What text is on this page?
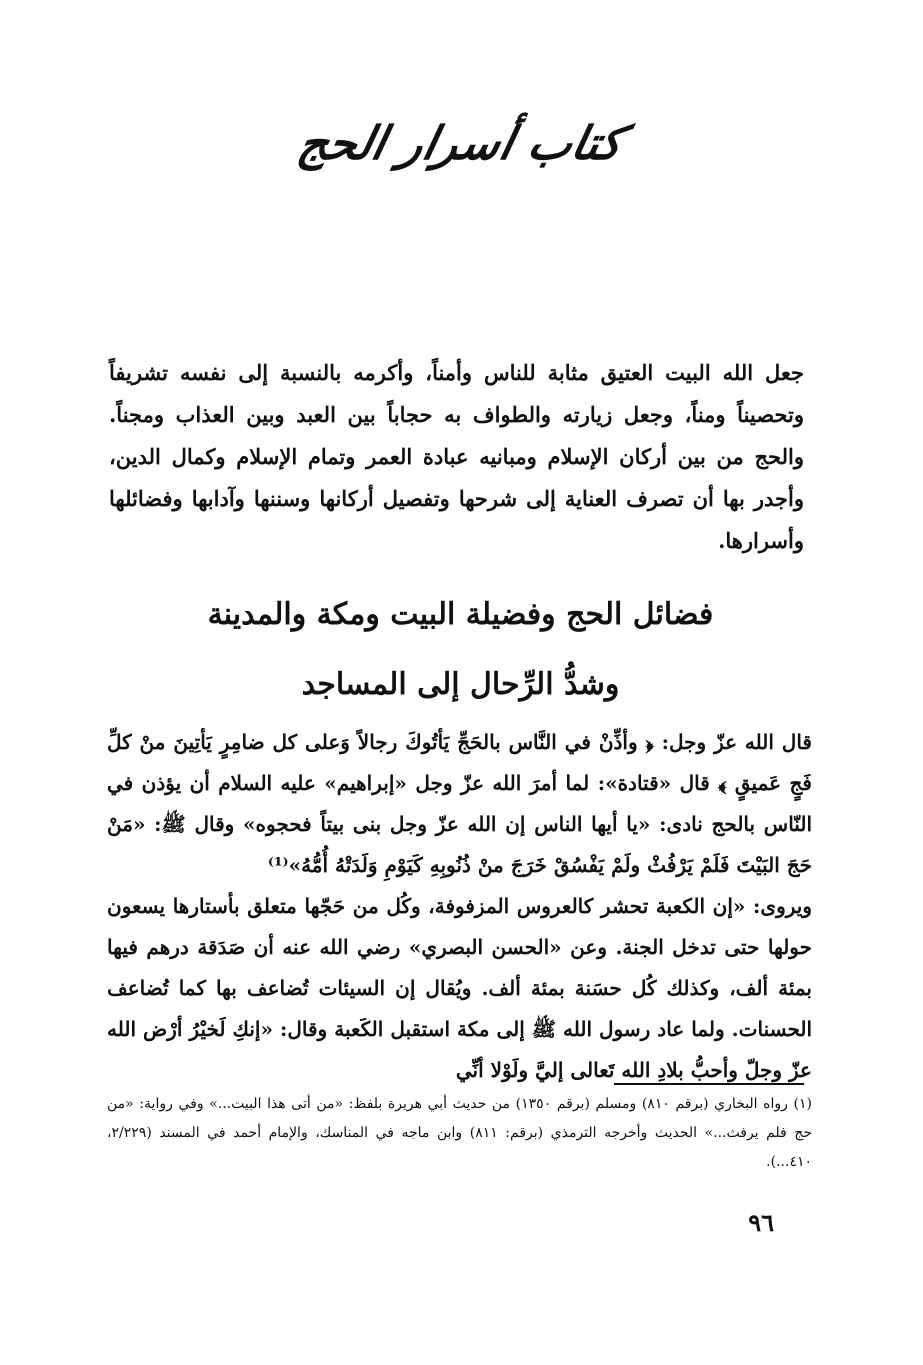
كتاب أسرار الحج

جعل الله البيت العتيق مثابة للناس وأمناً، وأكرمه بالنسبة إلى نفسه تشريفاً وتحصيناً ومناً، وجعل زيارته والطواف به حجاباً بين العبد وبين العذاب ومجناً. والحج من بين أركان الإسلام ومبانيه عبادة العمر وتمام الإسلام وكمال الدين، وأجدر بها أن تصرف العناية إلى شرحها وتفصيل أركانها وسننها وآدابها وفضائلها وأسرارها.

فضائل الحج وفضيلة البيت ومكة والمدينة
وشدُّ الرِّحال إلى المساجد

قال الله عزّ وجل: ﴿ وأذِّنْ في النَّاس بالحَجِّ يَأتُوكَ رجالاً وَعلى كل ضامِرٍ يَأتِينَ منْ كلِّ فَجٍ عَميقٍ ﴾ قال «قتادة»: لما أمرَ الله عزّ وجل «إبراهيم» عليه السلام أن يؤذن في النّاس بالحج نادى: «يا أيها الناس إن الله عزّ وجل بنى بيتاً فحجوه» وقال ﷺ: «مَنْ حَجَ البَيْتَ فَلَمْ يَرْفُثْ ولَمْ يَفْسُقْ خَرَجَ منْ ذُنُوبِهِ كَيَوْمِ وَلَدَتْهُ أُمُّهُ»⁽¹⁾

ويروى: «إن الكعبة تحشر كالعروس المزفوفة، وكُل من حَجّها متعلق بأستارها يسعون حولها حتى تدخل الجنة. وعن «الحسن البصري» رضي الله عنه أن صَدَقة درهم فيها بمئة ألف، وكذلك كُل حسَنة بمئة ألف. ويُقال إن السيئات تُضاعف بها كما تُضاعف الحسنات. ولما عاد رسول الله ﷺ إلى مكة استقبل الكَعبة وقال: «إنكِ لَخيْرُ أرْض الله عزّ وجلّ وأحبُّ بلادِ الله تَعالى إليَّ ولَوْلا أنِّي

(١) رواه البخاري (برقم ٨١٠) ومسلم (برقم ١٣٥٠) من حديث أبي هريرة بلفظ: «من أتى هذا البيت...» وفي رواية: «من حج فلم يرفث...» الحديث وأخرجه الترمذي (برقم: ٨١١) وابن ماجه في المناسك، والإمام أحمد في المسند (٢/٢٢٩، ٤١٠...).

٩٦
